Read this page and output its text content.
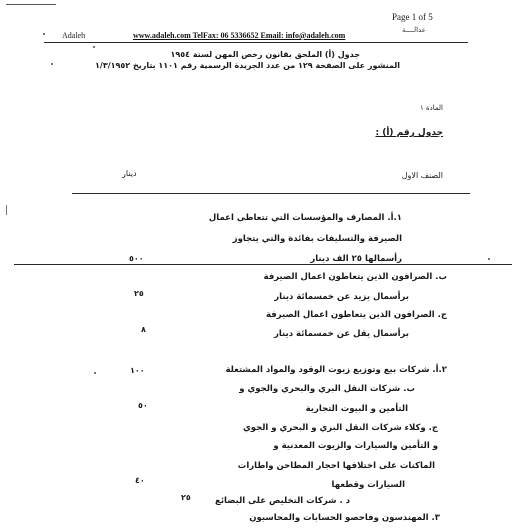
Adaleh	www.adaleh.com TelFax: 06 5336652 Email: info@adaleh.com
Page 1 of 5
عدالــــة
جدول (أ) الملحق بقانون رخص المهن لسنة ١٩٥٤
المنشور على الصفحة ١٢٩ من عدد الجريدة الرسمية رقم ١١٠١ بتاريخ ١/٣/١٩٥٢
المادة ١
جدول رقم (أ) :
الصنف الاول
دينار
١.أ. المصارف والمؤسسات التي تتعاطى اعمال
الصيرفة والتسليفات بفائدة والتي يتجاوز
رأسمالها ٢٥ الف دينار
٥٠٠
ب. الصرافون الذين يتعاطون اعمال الصيرفة
برأسمال يزيد عن خمسمائة دينار
٢٥
ج. الصرافون الذين يتعاطون اعمال الصيرفة
برأسمال يقل عن خمسمائة دينار
٨
٢.أ. شركات بيع وتوزيع زيوت الوقود والمواد المشتعلة
١٠٠
ب. شركات النقل البري والبحري والجوي و
التأمين و البيوت التجارية
٥٠
ج. وكلاء شركات النقل البري و البحري و الجوي
و التأمين والسيارات والزيوت المعدنية و
الماكنات على اختلافها احجار المطاحن واطارات
السيارات وقطعها
٤٠
د . شركات التخليص على البضائع
٢٥
٣. المهندسون وفاحصو الحسابات والمحاسبون
